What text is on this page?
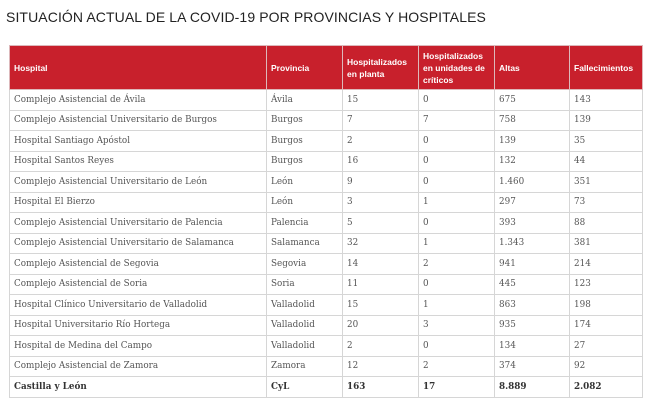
SITUACIÓN ACTUAL DE LA COVID-19 POR PROVINCIAS Y HOSPITALES
Hospital	Provincia	Hospitalizados en planta	Hospitalizados en unidades de críticos	Altas	Fallecimientos
Complejo Asistencial de Ávila	Ávila	15	0	675	143
Complejo Asistencial Universitario de Burgos	Burgos	7	7	758	139
Hospital Santiago Apóstol	Burgos	2	0	139	35
Hospital Santos Reyes	Burgos	16	0	132	44
Complejo Asistencial Universitario de León	León	9	0	1.460	351
Hospital El Bierzo	León	3	1	297	73
Complejo Asistencial Universitario de Palencia	Palencia	5	0	393	88
Complejo Asistencial Universitario de Salamanca	Salamanca	32	1	1.343	381
Complejo Asistencial de Segovia	Segovia	14	2	941	214
Complejo Asistencial de Soria	Soria	11	0	445	123
Hospital Clínico Universitario de Valladolid	Valladolid	15	1	863	198
Hospital Universitario Río Hortega	Valladolid	20	3	935	174
Hospital de Medina del Campo	Valladolid	2	0	134	27
Complejo Asistencial de Zamora	Zamora	12	2	374	92
Castilla y León	CyL	163	17	8.889	2.082
